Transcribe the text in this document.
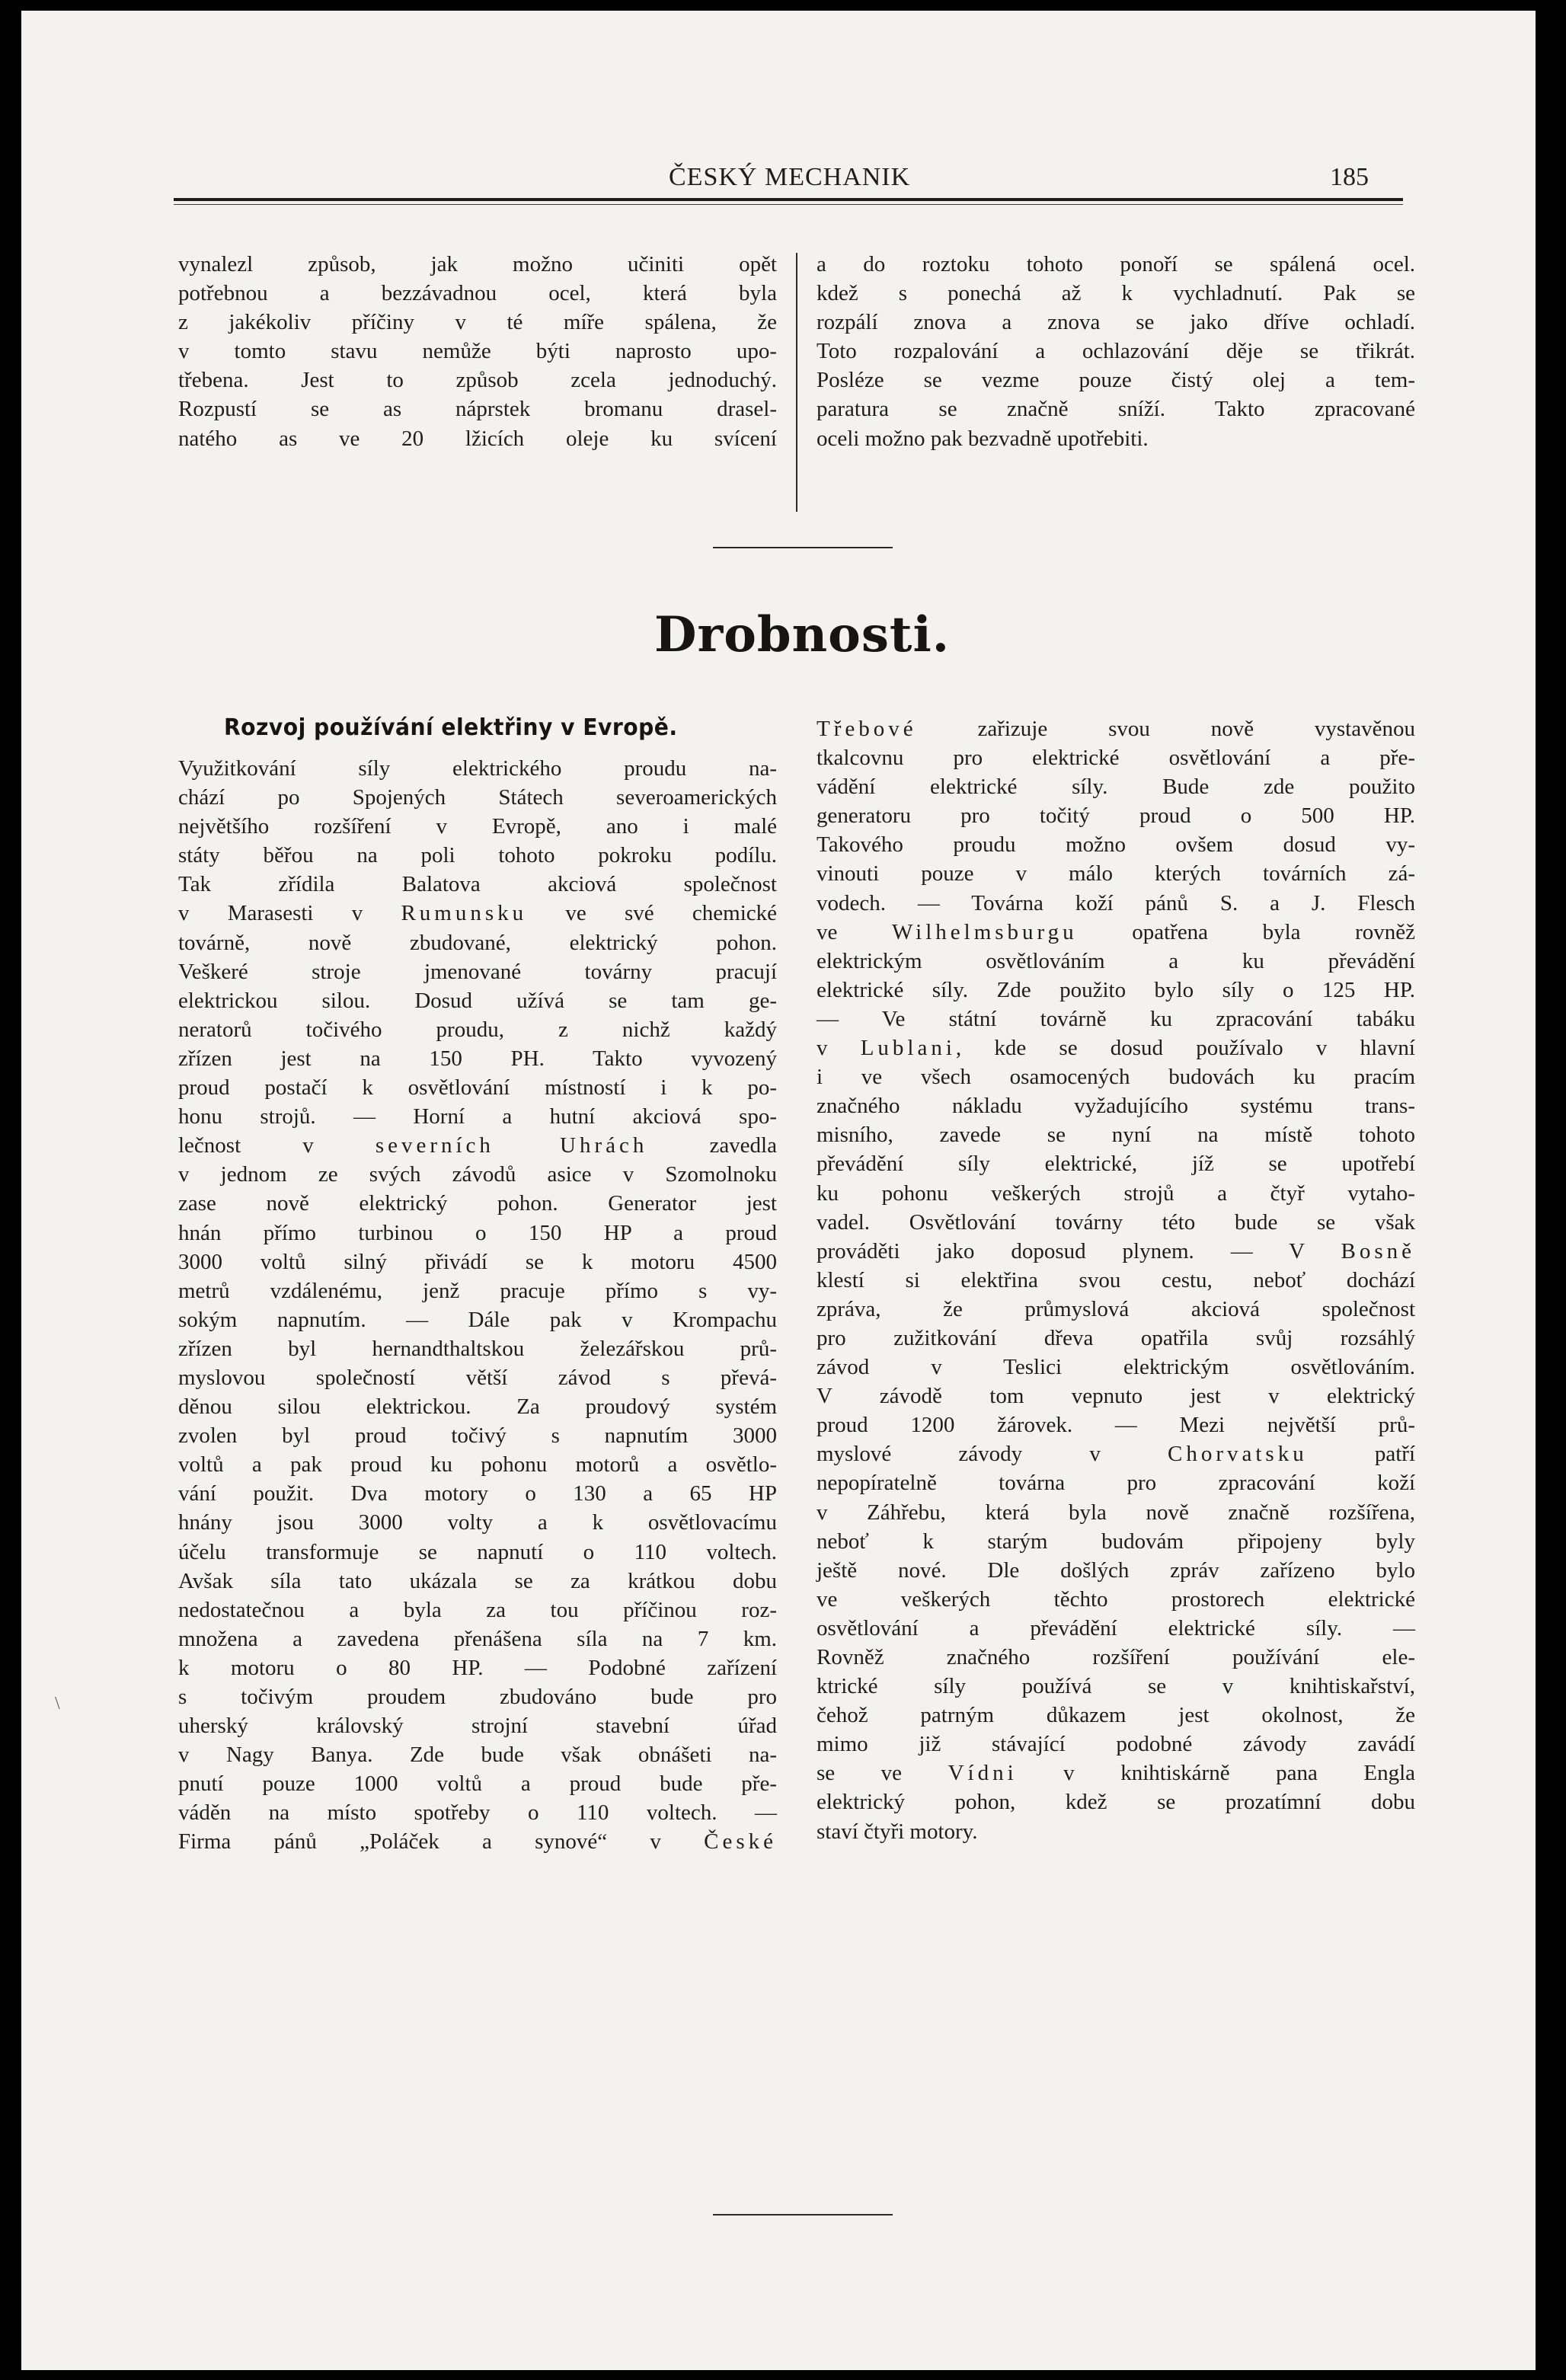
ČESKÝ MECHANIK	185

vynalezl způsob, jak možno učiniti opět

potřebnou a bezzávadnou ocel, která byla

z jakékoliv příčiny v té míře spálena, že

v tomto stavu nemůže býti naprosto upo-

třebena. Jest to způsob zcela jednoduchý.

Rozpustí se as náprstek bromanu drasel-

natého as ve 20 lžicích oleje ku svícení

a do roztoku tohoto ponoří se spálená ocel.

kdež s ponechá až k vychladnutí. Pak se

rozpálí znova a znova se jako dříve ochladí.

Toto rozpalování a ochlazování děje se třikrát.

Posléze se vezme pouze čistý olej a tem-

paratura se značně sníží. Takto zpracované

oceli možno pak bezvadně upotřebiti.

Drobnosti.
Rozvoj používání elektřiny v Evropě.

Využitkování síly elektrického proudu na-

chází po Spojených Státech severoamerických

největšího rozšíření v Evropě, ano i malé

státy běřou na poli tohoto pokroku podílu.

Tak zřídila Balatova akciová společnost

v Marasesti v Rumunsku ve své chemické

továrně, nově zbudované, elektrický pohon.

Veškeré stroje jmenované továrny pracují

elektrickou silou. Dosud užívá se tam ge-

neratorů točivého proudu, z nichž každý

zřízen jest na 150 PH. Takto vyvozený

proud postačí k osvětlování místností i k po-

honu strojů. — Horní a hutní akciová spo-

lečnost v severních Uhrách zavedla

v jednom ze svých závodů asice v Szomolnoku

zase nově elektrický pohon. Generator jest

hnán přímo turbinou o 150 HP a proud

3000 voltů silný přivádí se k motoru 4500

metrů vzdálenému, jenž pracuje přímo s vy-

sokým napnutím. — Dále pak v Krompachu

zřízen byl hernandthaltskou železářskou prů-

myslovou společností větší závod s převá-

děnou silou elektrickou. Za proudový systém

zvolen byl proud točivý s napnutím 3000

voltů a pak proud ku pohonu motorů a osvětlo-

vání použit. Dva motory o 130 a 65 HP

hnány jsou 3000 volty a k osvětlovacímu

účelu transformuje se napnutí o 110 voltech.

Avšak síla tato ukázala se za krátkou dobu

nedostatečnou a byla za tou příčinou roz-

množena a zavedena přenášena síla na 7 km.

k motoru o 80 HP. — Podobné zařízení

s točivým proudem zbudováno bude pro

uherský královský strojní stavební úřad

v Nagy Banya. Zde bude však obnášeti na-

pnutí pouze 1000 voltů a proud bude pře-

váděn na místo spotřeby o 110 voltech. —

Firma pánů „Poláček a synové“ v České

Třebové zařizuje svou nově vystavěnou

tkalcovnu pro elektrické osvětlování a pře-

vádění elektrické síly. Bude zde použito

generatoru pro točitý proud o 500 HP.

Takového proudu možno ovšem dosud vy-

vinouti pouze v málo kterých továrních zá-

vodech. — Továrna koží pánů S. a J. Flesch

ve Wilhelmsburgu opatřena byla rovněž

elektrickým osvětlováním a ku převádění

elektrické síly. Zde použito bylo síly o 125 HP.

— Ve státní továrně ku zpracování tabáku

v Lublani, kde se dosud používalo v hlavní

i ve všech osamocených budovách ku pracím

značného nákladu vyžadujícího systému trans-

misního, zavede se nyní na místě tohoto

převádění síly elektrické, jíž se upotřebí

ku pohonu veškerých strojů a čtyř vytaho-

vadel. Osvětlování továrny této bude se však

prováděti jako doposud plynem. — V Bosně

klestí si elektřina svou cestu, neboť dochází

zpráva, že průmyslová akciová společnost

pro zužitkování dřeva opatřila svůj rozsáhlý

závod v Teslici elektrickým osvětlováním.

V závodě tom vepnuto jest v elektrický

proud 1200 žárovek. — Mezi největší prů-

myslové závody v Chorvatsku patří

nepopíratelně továrna pro zpracování koží

v Záhřebu, která byla nově značně rozšířena,

neboť k starým budovám připojeny byly

ještě nové. Dle došlých zpráv zařízeno bylo

ve veškerých těchto prostorech elektrické

osvětlování a převádění elektrické síly. —

Rovněž značného rozšíření používání ele-

ktrické síly používá se v knihtiskařství,

čehož patrným důkazem jest okolnost, že

mimo již stávající podobné závody zavádí

se ve Vídni v knihtiskárně pana Engla

elektrický pohon, kdež se prozatímní dobu

staví čtyři motory.

\
